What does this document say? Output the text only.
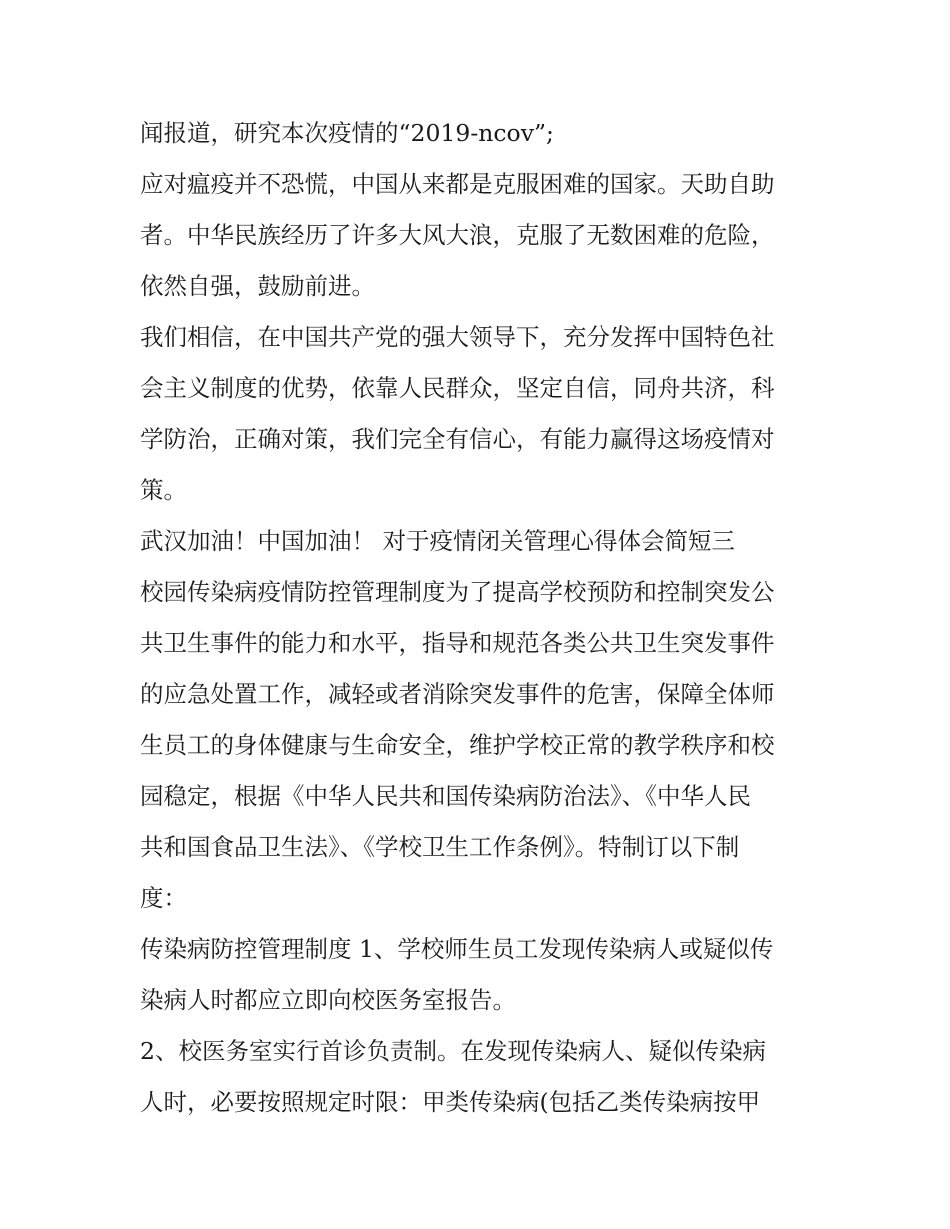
闻报道，研究本次疫情的“2019-ncov”;
应对瘟疫并不恐慌，中国从来都是克服困难的国家。天助自助
者。中华民族经历了许多大风大浪，克服了无数困难的危险，
依然自强，鼓励前进。
我们相信，在中国共产党的强大领导下，充分发挥中国特色社
会主义制度的优势，依靠人民群众，坚定自信，同舟共济，科
学防治，正确对策，我们完全有信心，有能力赢得这场疫情对
策。
武汉加油！中国加油！ 对于疫情闭关管理心得体会简短三
校园传染病疫情防控管理制度为了提高学校预防和控制突发公
共卫生事件的能力和水平，指导和规范各类公共卫生突发事件
的应急处置工作，减轻或者消除突发事件的危害，保障全体师
生员工的身体健康与生命安全，维护学校正常的教学秩序和校
园稳定，根据《中华人民共和国传染病防治法》、《中华人民
共和国食品卫生法》、《学校卫生工作条例》。特制订以下制
度：
传染病防控管理制度 1、学校师生员工发现传染病人或疑似传
染病人时都应立即向校医务室报告。
2、校医务室实行首诊负责制。在发现传染病人、疑似传染病
人时，必要按照规定时限：甲类传染病(包括乙类传染病按甲
